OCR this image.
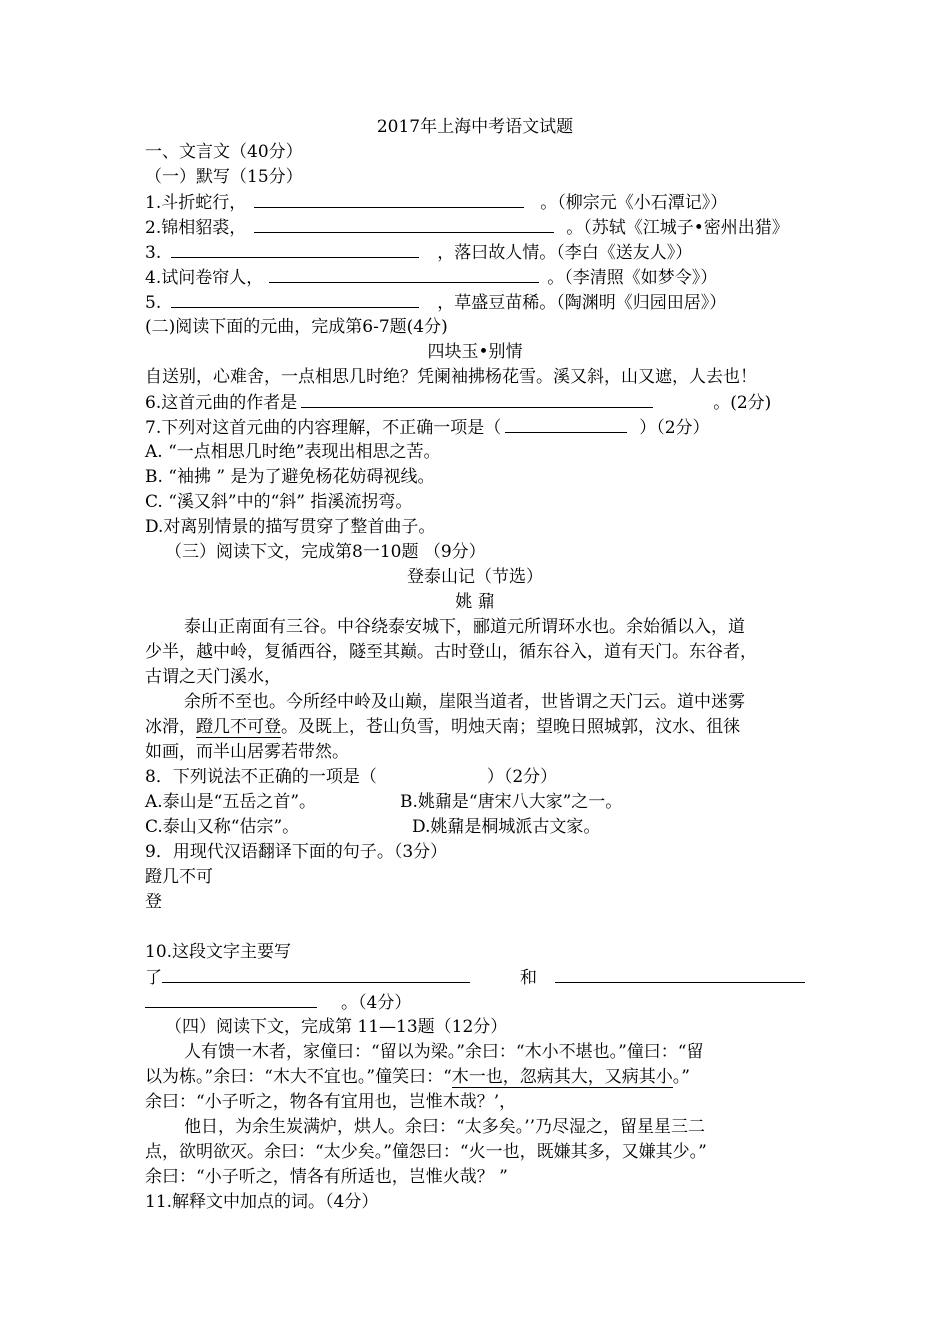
2017年上海中考语文试题
一、文言文（40分）
（一）默写（15分）
1.斗折蛇行，	。（柳宗元《小石潭记》）
2.锦相貂裘，	。（苏轼《江城子•密州出猎》
3.	，落曰故人情。（李白《送友人》）
4.试问卷帘人，	。（李清照《如梦令》）
5.	，草盛豆苗稀。（陶渊明《归园田居》）
(二)阅读下面的元曲，完成第6-7题(4分)
四块玉•别情
自送别，心难舍，一点相思几时绝？凭阑袖拂杨花雪。溪又斜，山又遮，人去也！
6.这首元曲的作者是	。(2分)
7.下列对这首元曲的内容理解，不正确一项是（	）（2分）
A. “一点相思几时绝”表现出相思之苦。
B. “袖拂 ” 是为了避免杨花妨碍视线。
C. “溪又斜”中的“斜” 指溪流拐弯。
D.对离别情景的描写贯穿了整首曲子。
（三）阅读下文，完成第8一10题 （9分）
登泰山记（节选）
姚 鼐
泰山正南面有三谷。中谷绕泰安城下，郦道元所谓环水也。余始循以入，道
少半，越中岭，复循西谷，隧至其巅。古时登山，循东谷入，道有天门。东谷者，
古谓之天门溪水，
余所不至也。今所经中岭及山巅，崖限当道者，世皆谓之天门云。道中迷雾
冰滑，蹬几不可登。及既上，苍山负雪，明烛天南；望晚日照城郭，汶水、徂徕
如画，而半山居雾若带然。
8．下列说法不正确的一项是（	）（2分）
A.泰山是“五岳之首”。	B.姚鼐是“唐宋八大家”之一。
C.泰山又称“估宗”。	D.姚鼐是桐城派古文家。
9．用现代汉语翻译下面的句子。（3分）
蹬几不可
登
10.这段文字主要写
了	和
。（4分）
（四）阅读下文，完成第 11—13题（12分）
人有馈一木者，家僮曰：“留以为梁。”余曰：“木小不堪也。”僮曰：“留
以为栋。”余曰：“木大不宜也。”僮笑曰：“木一也，忽病其大，又病其小。”
余曰：“小子听之，物各有宜用也，岂惟木哉？’，
他日，为余生炭满炉，烘人。余曰：“太多矣。’’乃尽湿之，留星星三二
点，欲明欲灭。余曰：“太少矣。”僮怨曰：“火一也，既嫌其多，又嫌其少。”
余曰：“小子听之，情各有所适也，岂惟火哉？ ”
11.解释文中加点的词。（4分）
